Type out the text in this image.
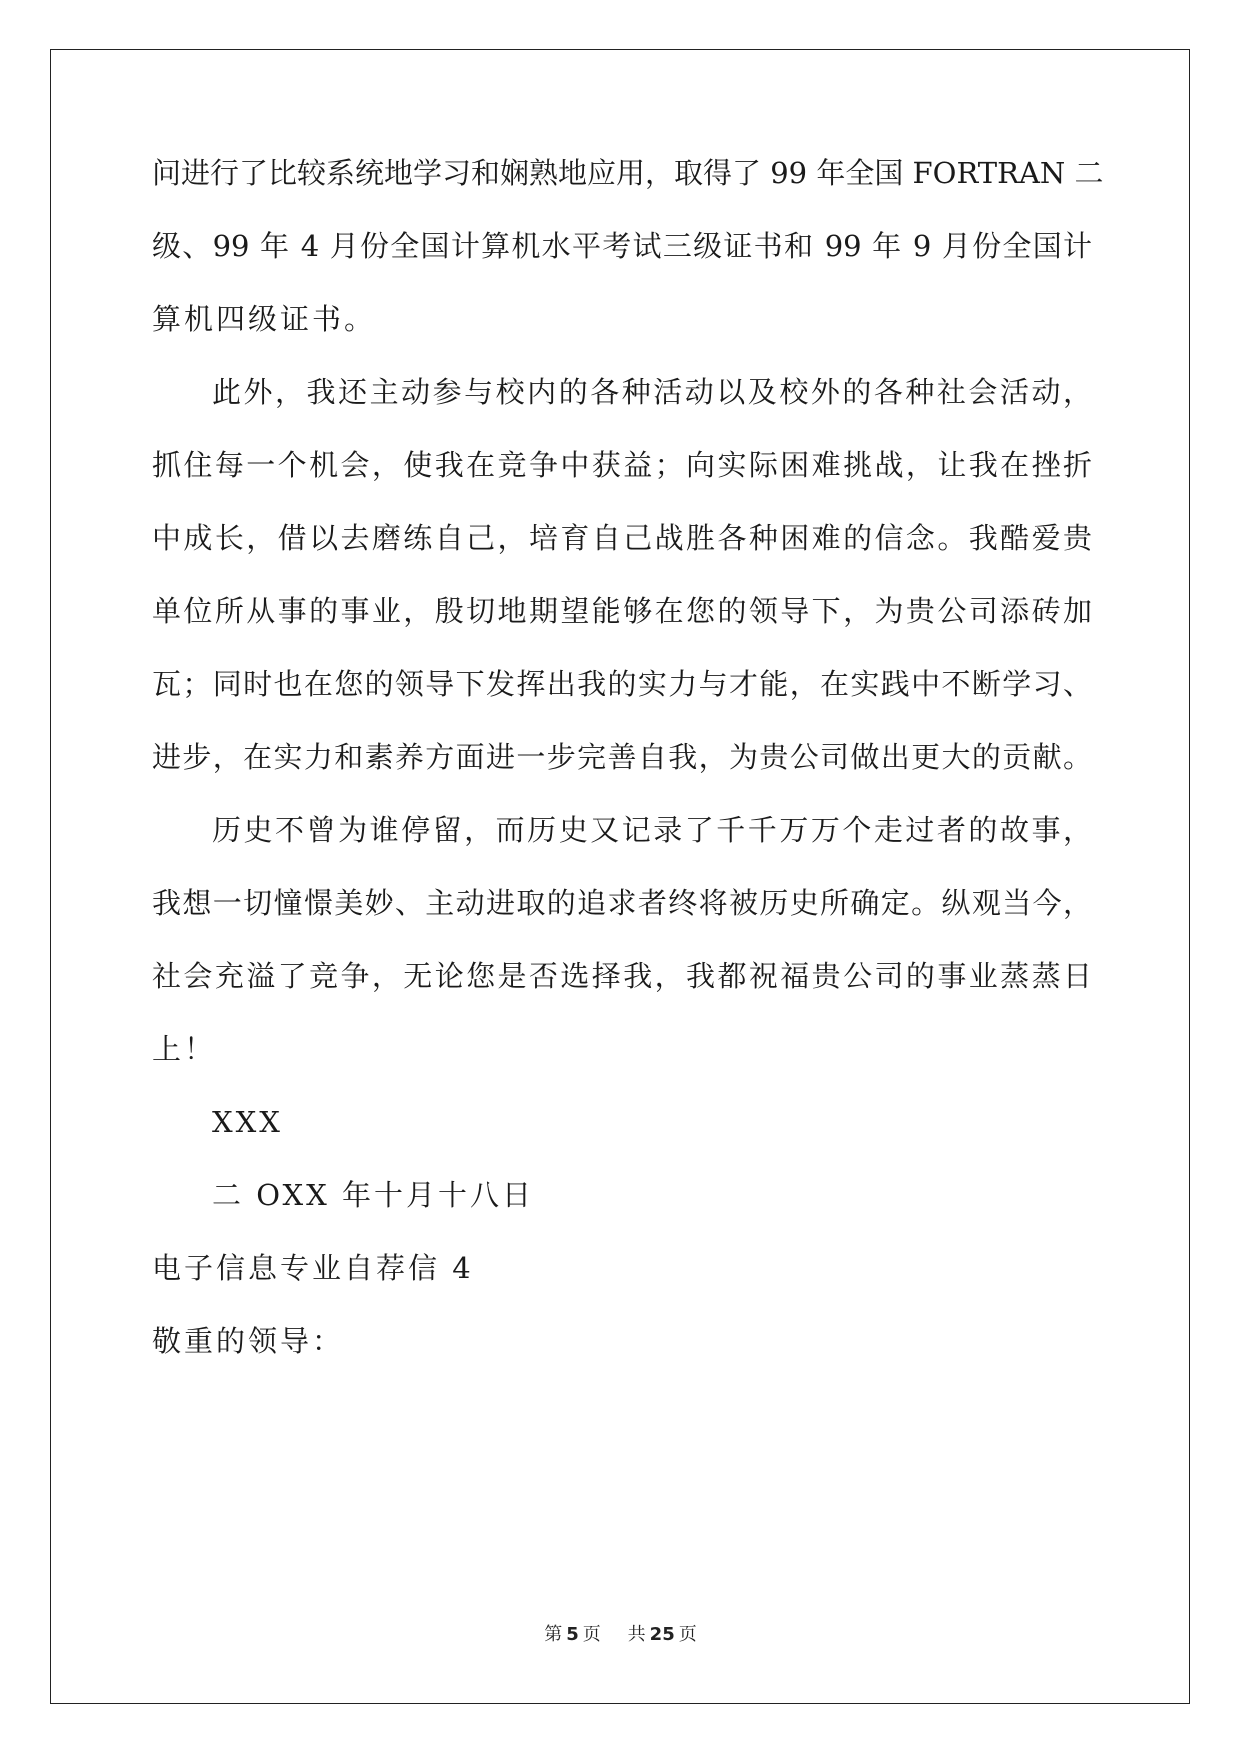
问进行了比较系统地学习和娴熟地应用，取得了 99 年全国 FORTRAN 二
级、99 年 4 月份全国计算机水平考试三级证书和 99 年 9 月份全国计
算机四级证书。
此外，我还主动参与校内的各种活动以及校外的各种社会活动，
抓住每一个机会，使我在竞争中获益；向实际困难挑战，让我在挫折
中成长，借以去磨练自己，培育自己战胜各种困难的信念。我酷爱贵
单位所从事的事业，殷切地期望能够在您的领导下，为贵公司添砖加
瓦；同时也在您的领导下发挥出我的实力与才能，在实践中不断学习、
进步，在实力和素养方面进一步完善自我，为贵公司做出更大的贡献。
历史不曾为谁停留，而历史又记录了千千万万个走过者的故事，
我想一切憧憬美妙、主动进取的追求者终将被历史所确定。纵观当今，
社会充溢了竞争，无论您是否选择我，我都祝福贵公司的事业蒸蒸日
上！
XXX
二 OXX 年十月十八日
电子信息专业自荐信 4
敬重的领导：
第 5 页 共 25 页
